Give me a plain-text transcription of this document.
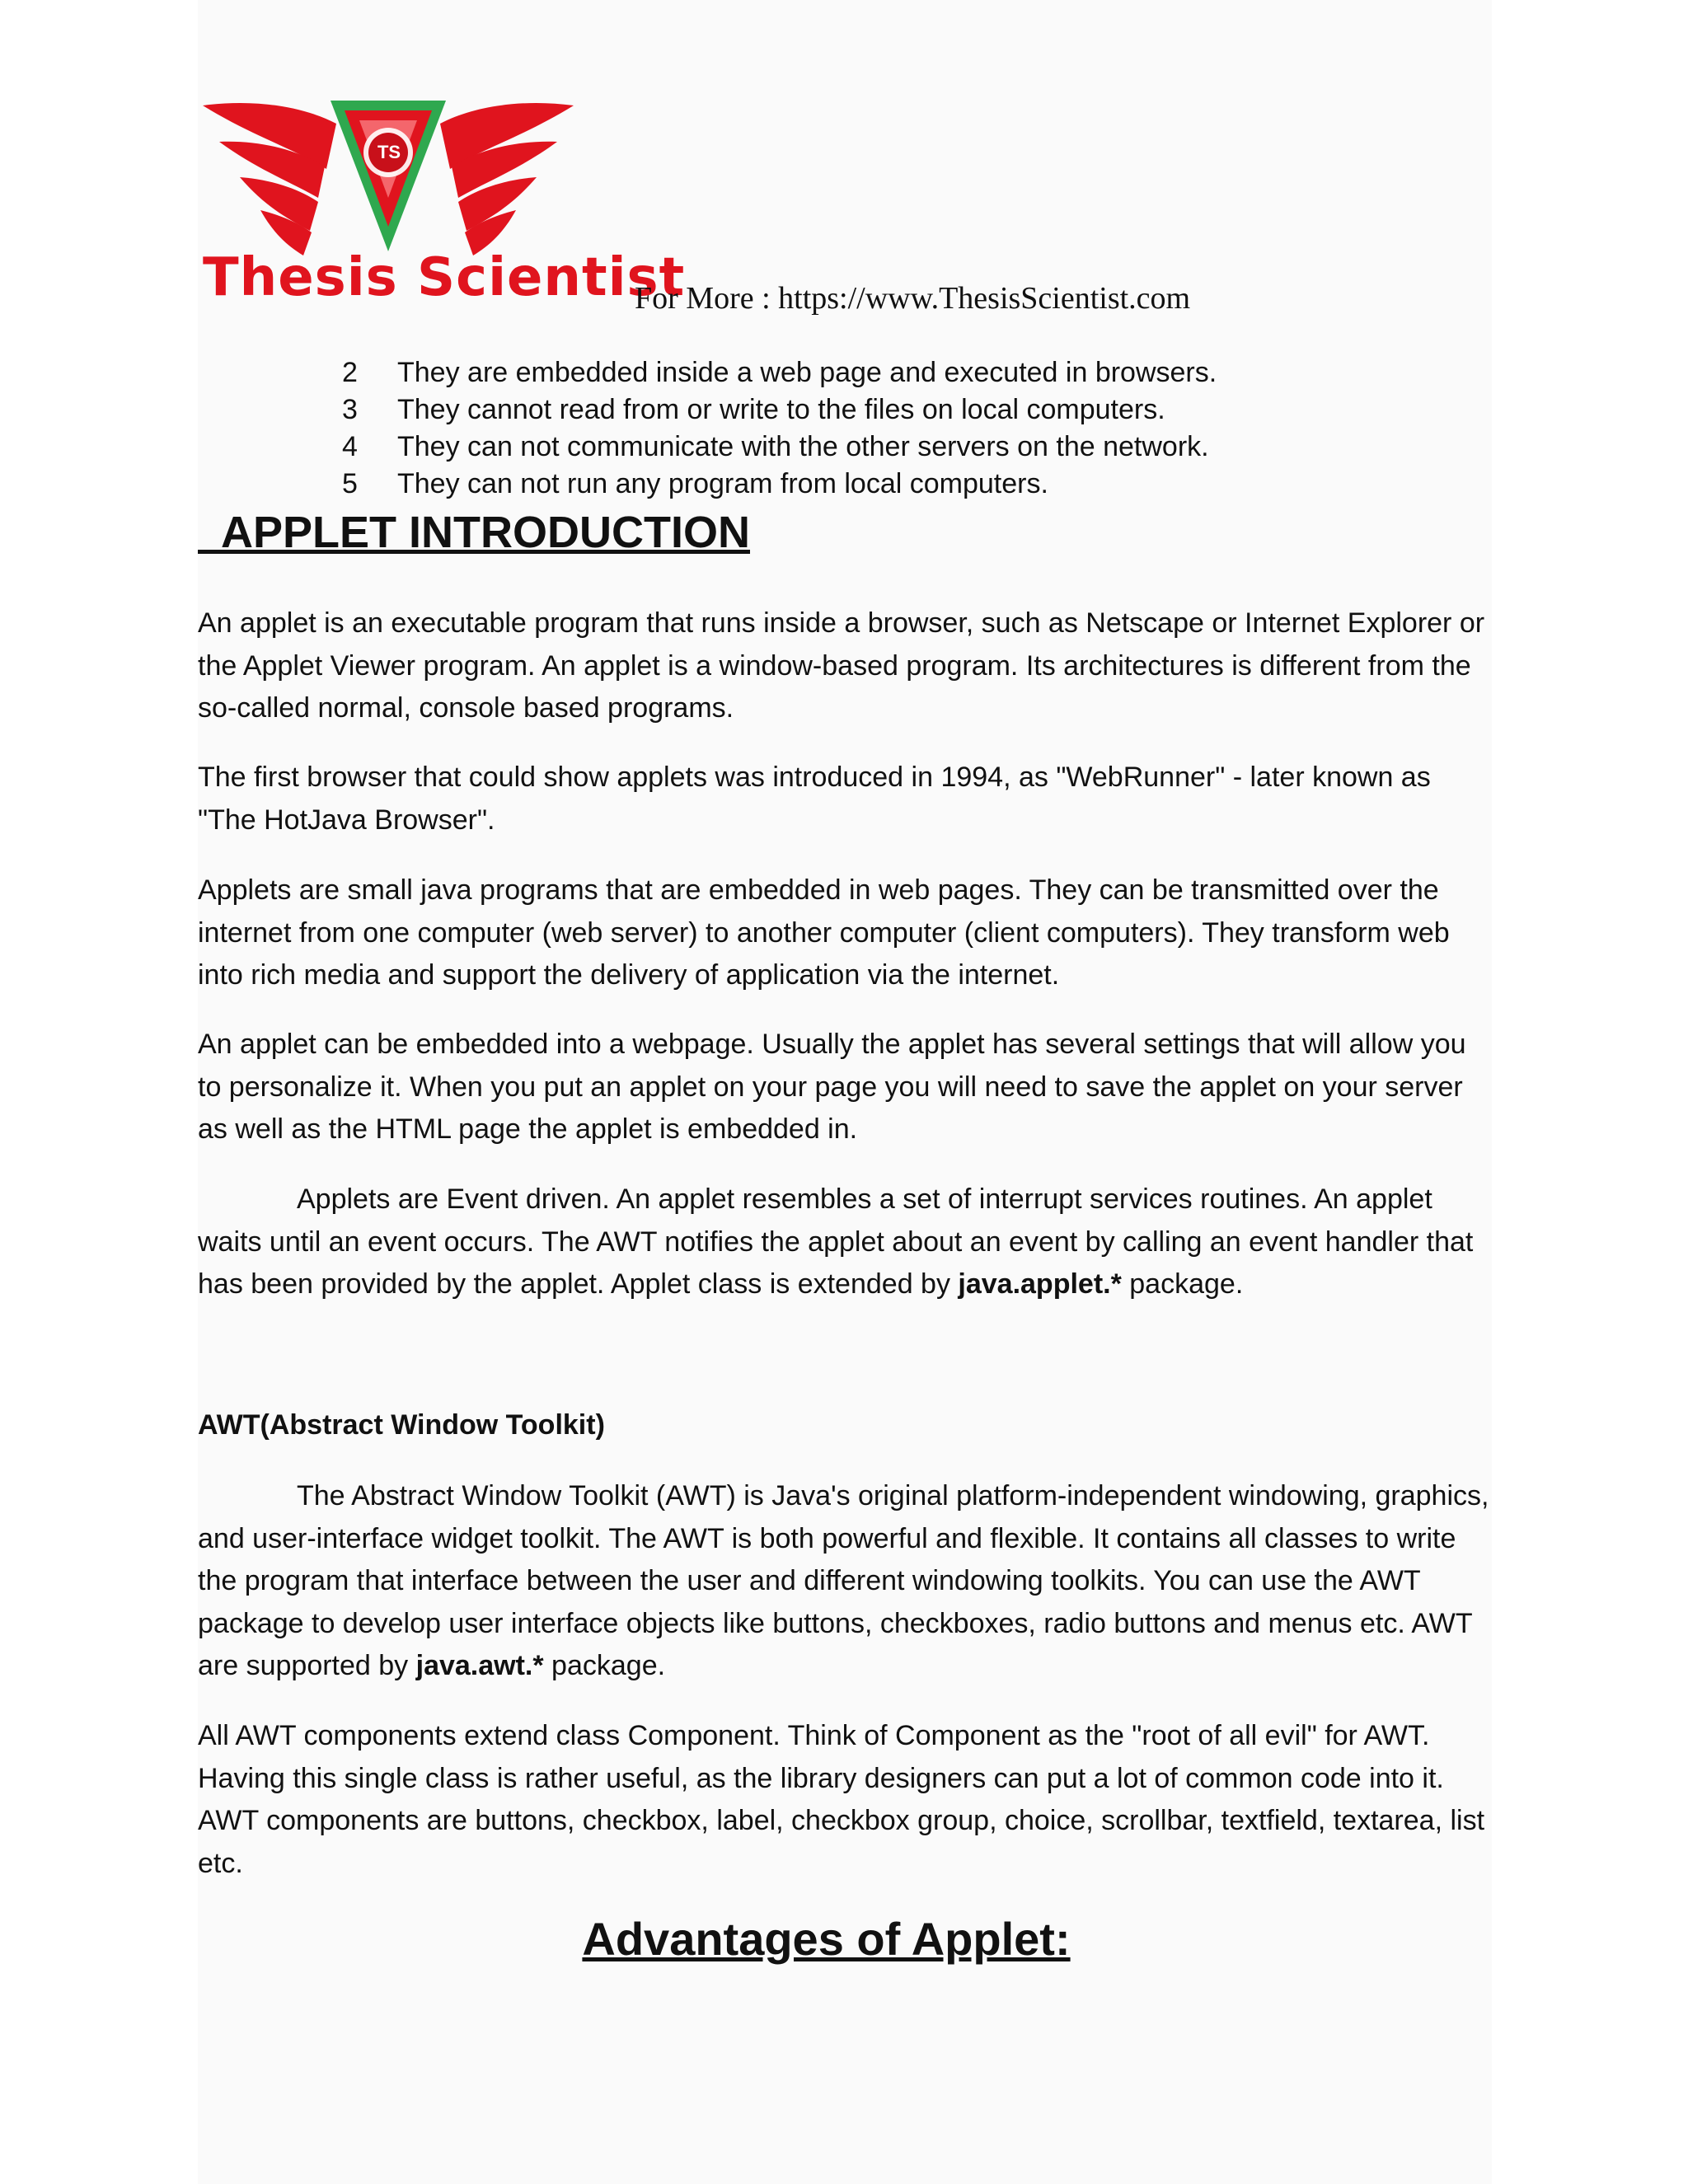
TS
Thesis Scientist
For More : https://www.ThesisScientist.com
2	They are embedded inside a web page and executed in browsers.
3	They cannot read from or write to the files on local computers.
4	They can not communicate with the other servers on the network.
5	They can not run any program from local computers.
APPLET INTRODUCTION

An applet is an executable program that runs inside a browser, such as Netscape or Internet Explorer or the Applet Viewer program. An applet is a window-based program. Its architectures is different from the so-called normal, console based programs.

The first browser that could show applets was introduced in 1994, as "WebRunner" - later known as "The HotJava Browser".

Applets are small java programs that are embedded in web pages. They can be transmitted over the internet from one computer (web server) to another computer (client computers). They transform web into rich media and support the delivery of application via the internet.

An applet can be embedded into a webpage. Usually the applet has several settings that will allow you to personalize it. When you put an applet on your page you will need to save the applet on your server as well as the HTML page the applet is embedded in.

Applets are Event driven. An applet resembles a set of interrupt services routines. An applet waits until an event occurs. The AWT notifies the applet about an event by calling an event handler that has been provided by the applet. Applet class is extended by java.applet.* package.

AWT(Abstract Window Toolkit)

The Abstract Window Toolkit (AWT) is Java's original platform-independent windowing, graphics, and user-interface widget toolkit. The AWT is both powerful and flexible. It contains all classes to write the program that interface between the user and different windowing toolkits. You can use the AWT package to develop user interface objects like buttons, checkboxes, radio buttons and menus etc. AWT are supported by java.awt.* package.

All AWT components extend class Component. Think of Component as the "root of all evil" for AWT. Having this single class is rather useful, as the library designers can put a lot of common code into it. AWT components are buttons, checkbox, label, checkbox group, choice, scrollbar, textfield, textarea, list etc.

Advantages of Applet:
